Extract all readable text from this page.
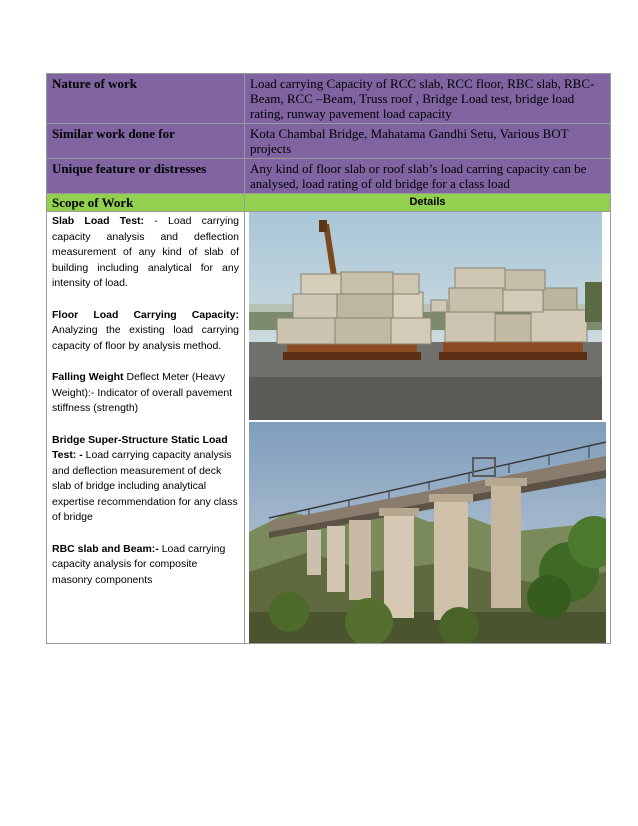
Nature of work	Load carrying Capacity of RCC slab, RCC floor, RBC slab, RBC-Beam, RCC –Beam, Truss roof , Bridge Load test, bridge load rating, runway pavement load capacity
Similar work done for	Kota Chambal Bridge, Mahatama Gandhi Setu, Various BOT projects
Unique feature or distresses	Any kind of floor slab or roof slab’s load carring capacity can be analysed, load rating of old bridge for a class load
Scope of Work	Details

Slab Load Test: - Load carrying capacity analysis and deflection measurement of any kind of slab of building including analytical for any intensity of load.

Floor Load Carrying Capacity: Analyzing the existing load carrying capacity of floor by analysis method.

Falling Weight Deflect Meter (Heavy Weight):- Indicator of overall pavement stiffness (strength)

Bridge Super-Structure Static Load Test: - Load carrying capacity analysis and deflection measurement of deck slab of bridge including analytical expertise recommendation for any class of bridge

RBC slab and Beam:- Load carrying capacity analysis for composite masonry components
